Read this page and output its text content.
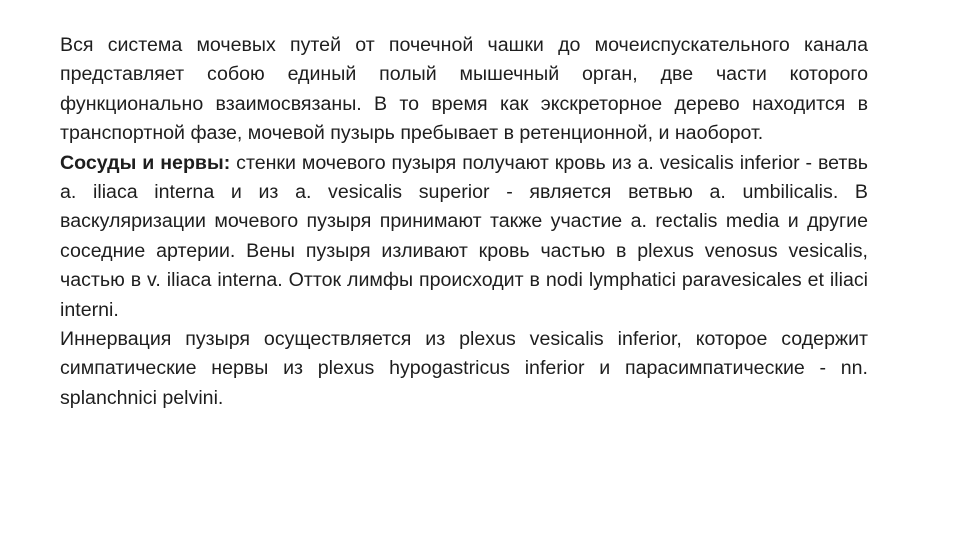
Вся система мочевых путей от почечной чашки до мочеиспускательного канала представляет собою единый полый мышечный орган, две части которого функционально взаимосвязаны. В то время как экскреторное дерево находится в транспортной фазе, мочевой пузырь пребывает в ретенционной, и наоборот.

Сосуды и нервы: стенки мочевого пузыря получают кровь из a. vesicalis inferior - ветвь a. iliaca interna и из a. vesicalis superior - является ветвью a. umbilicalis. В васкуляризации мочевого пузыря принимают также участие a. rectalis media и другие соседние артерии. Вены пузыря изливают кровь частью в plexus venosus vesicalis, частью в v. iliaca interna. Отток лимфы происходит в nodi lymphatici paravesicales et iliaci interni.

Иннервация пузыря осуществляется из plexus vesicalis inferior, которое содержит симпатические нервы из plexus hypogastricus inferior и парасимпатические - nn. splanchnici pelvini.
